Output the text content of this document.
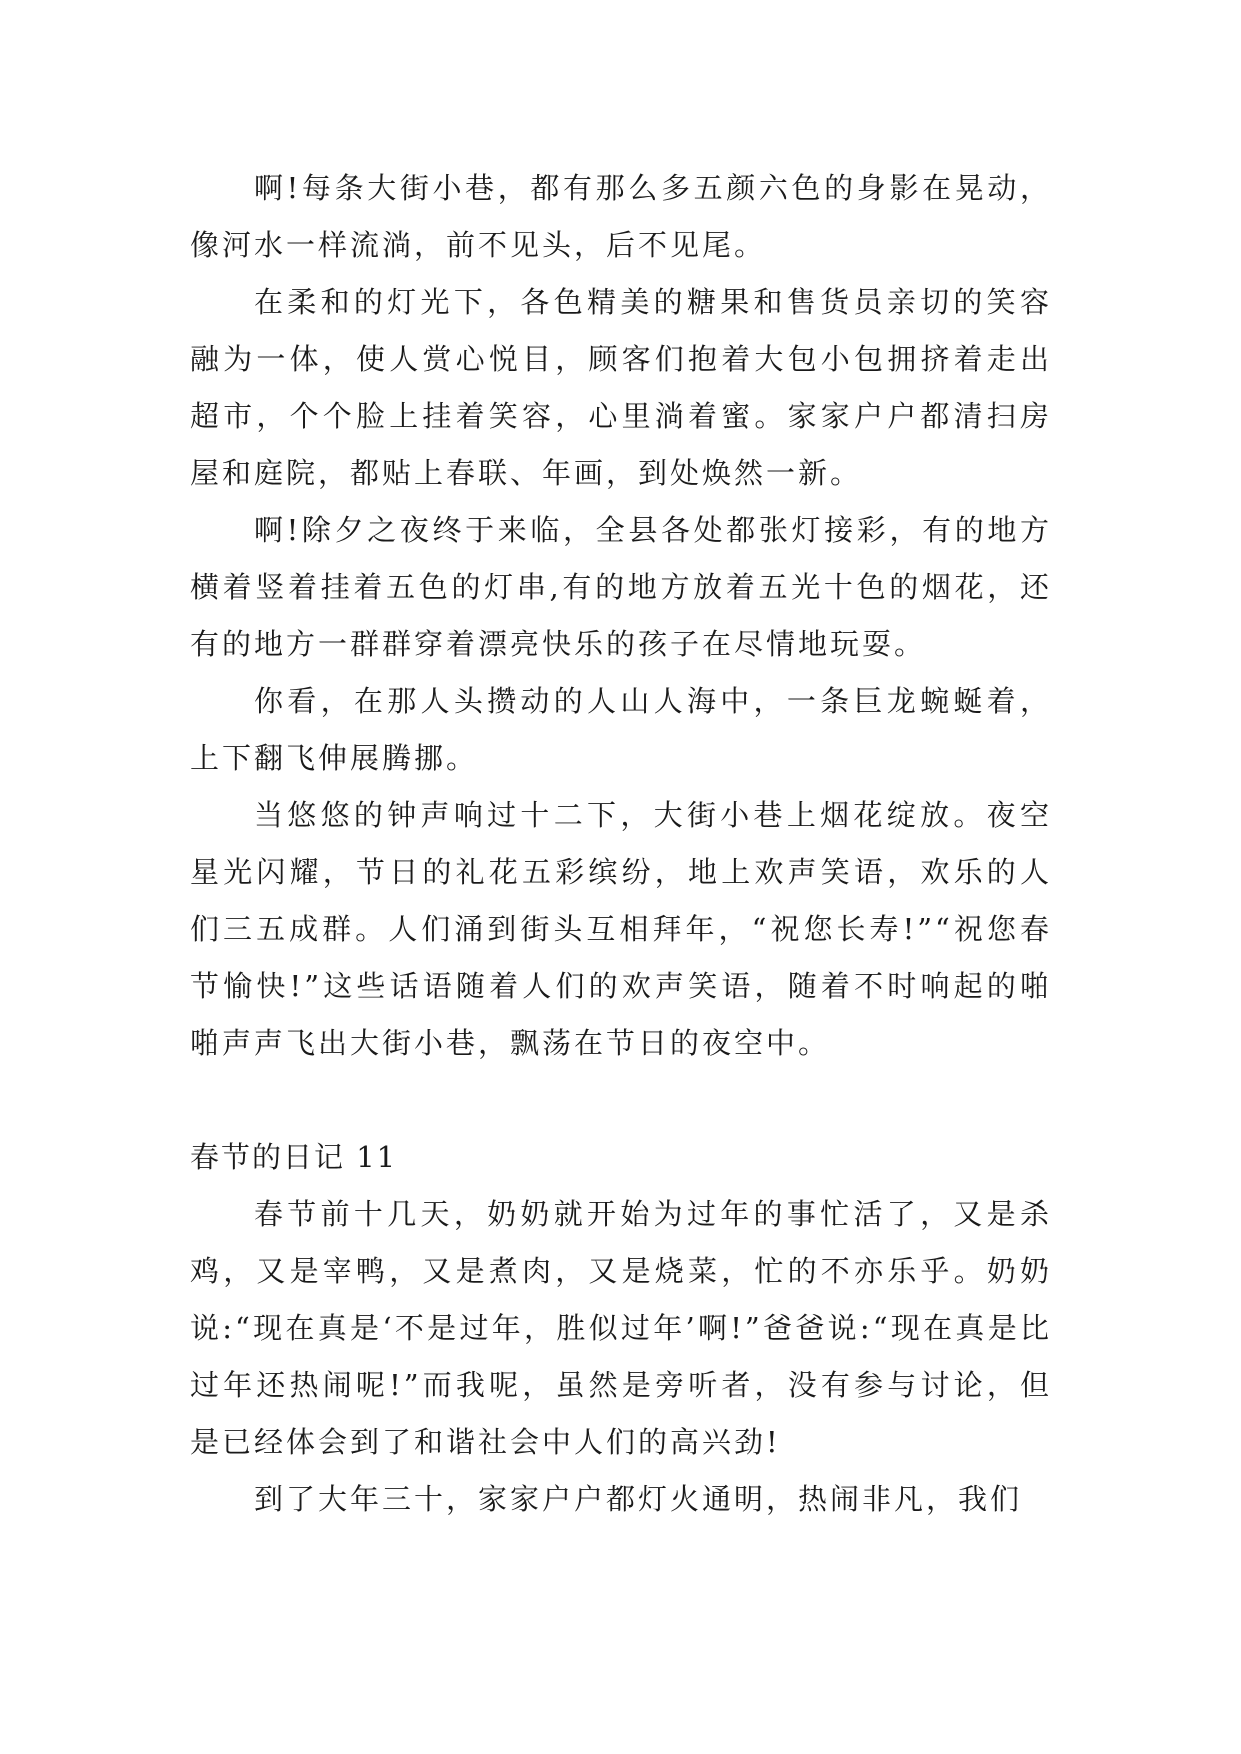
啊!每条大街小巷，都有那么多五颜六色的身影在晃动，像河水一样流淌，前不见头，后不见尾。

在柔和的灯光下，各色精美的糖果和售货员亲切的笑容融为一体，使人赏心悦目，顾客们抱着大包小包拥挤着走出超市，个个脸上挂着笑容，心里淌着蜜。家家户户都清扫房屋和庭院，都贴上春联、年画，到处焕然一新。

啊!除夕之夜终于来临，全县各处都张灯接彩，有的地方横着竖着挂着五色的灯串,有的地方放着五光十色的烟花，还有的地方一群群穿着漂亮快乐的孩子在尽情地玩耍。

你看，在那人头攒动的人山人海中，一条巨龙蜿蜒着，上下翻飞伸展腾挪。

当悠悠的钟声响过十二下，大街小巷上烟花绽放。夜空星光闪耀，节日的礼花五彩缤纷，地上欢声笑语，欢乐的人们三五成群。人们涌到街头互相拜年，“祝您长寿!”“祝您春节愉快!”这些话语随着人们的欢声笑语，随着不时响起的啪啪声声飞出大街小巷，飘荡在节日的夜空中。

春节的日记 11

春节前十几天，奶奶就开始为过年的事忙活了，又是杀鸡，又是宰鸭，又是煮肉，又是烧菜，忙的不亦乐乎。奶奶说:“现在真是‘不是过年，胜似过年’啊!”爸爸说:“现在真是比过年还热闹呢!”而我呢，虽然是旁听者，没有参与讨论，但是已经体会到了和谐社会中人们的高兴劲!

到了大年三十，家家户户都灯火通明，热闹非凡，我们
